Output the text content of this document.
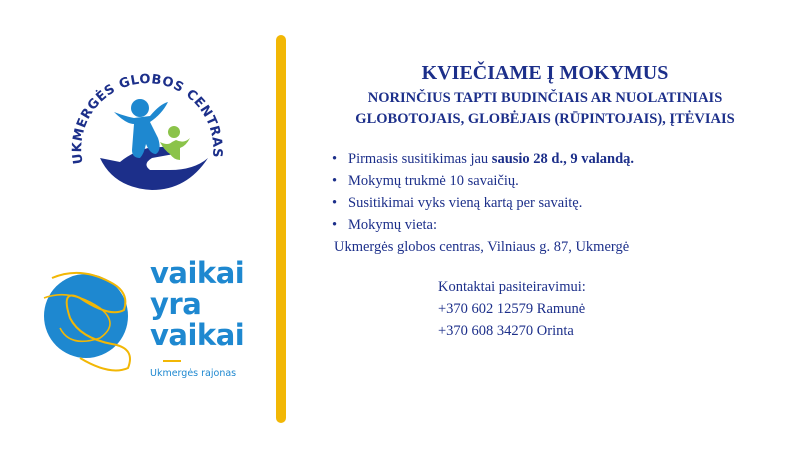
UKMERGĖS GLOBOS CENTRAS
vaikai
yra
vaikai
Ukmergės rajonas
KVIEČIAME Į MOKYMUS
NORINČIUS TAPTI BUDINČIAIS AR NUOLATINIAIS
GLOBOTOJAIS, GLOBĖJAIS (RŪPINTOJAIS), ĮTĖVIAIS
• Pirmasis susitikimas jau sausio 28 d., 9 valandą.
• Mokymų trukmė 10 savaičių.
• Susitikimai vyks vieną kartą per savaitę.
• Mokymų vieta:

Ukmergės globos centras, Vilniaus g. 87, Ukmergė

Kontaktai pasiteiravimui:
+370 602 12579 Ramunė
+370 608 34270 Orinta
